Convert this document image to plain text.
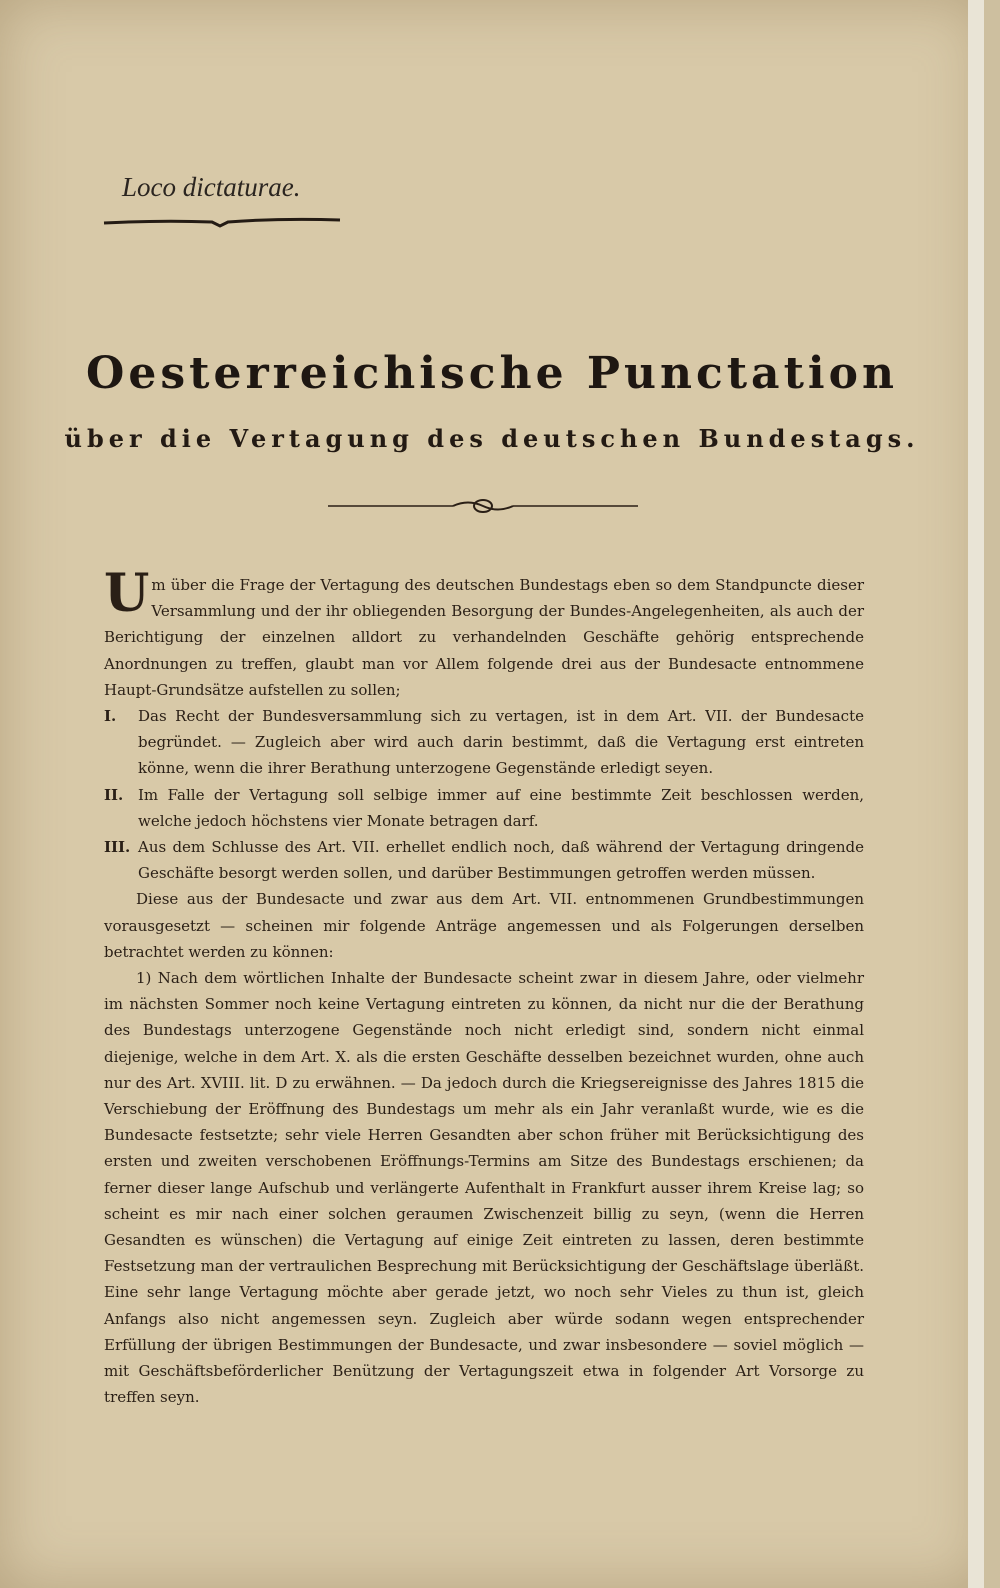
Loco dictaturae.
Oesterreichische Punctation
über die Vertagung des deutschen Bundestags.

Um über die Frage der Vertagung des deutschen Bundestags eben so dem Standpuncte dieser Versammlung und der ihr obliegenden Besorgung der Bundes-Angelegenheiten, als auch der Berichtigung der einzelnen alldort zu verhandelnden Geschäfte gehörig entsprechende Anordnungen zu treffen, glaubt man vor Allem folgende drei aus der Bundesacte entnommene Haupt-Grundsätze aufstellen zu sollen;

I.	Das Recht der Bundesversammlung sich zu vertagen, ist in dem Art. VII. der Bundesacte begründet. — Zugleich aber wird auch darin bestimmt, daß die Vertagung erst eintreten könne, wenn die ihrer Berathung unterzogene Gegenstände erledigt seyen.
II. Im Falle der Vertagung soll selbige immer auf eine bestimmte Zeit beschlossen werden, welche jedoch höchstens vier Monate betragen darf.
III. Aus dem Schlusse des Art. VII. erhellet endlich noch, daß während der Vertagung dringende Geschäfte besorgt werden sollen, und darüber Bestimmungen getroffen werden müssen.

Diese aus der Bundesacte und zwar aus dem Art. VII. entnommenen Grundbestimmungen vorausgesetzt — scheinen mir folgende Anträge angemessen und als Folgerungen derselben betrachtet werden zu können:

1) Nach dem wörtlichen Inhalte der Bundesacte scheint zwar in diesem Jahre, oder vielmehr im nächsten Sommer noch keine Vertagung eintreten zu können, da nicht nur die der Berathung des Bundestags unterzogene Gegenstände noch nicht erledigt sind, sondern nicht einmal diejenige, welche in dem Art. X. als die ersten Geschäfte desselben bezeichnet wurden, ohne auch nur des Art. XVIII. lit. D zu erwähnen. — Da jedoch durch die Kriegsereignisse des Jahres 1815 die Verschiebung der Eröffnung des Bundestags um mehr als ein Jahr veranlaßt wurde, wie es die Bundesacte festsetzte; sehr viele Herren Gesandten aber schon früher mit Berücksichtigung des ersten und zweiten verschobenen Eröffnungs-Termins am Sitze des Bundestags erschienen; da ferner dieser lange Aufschub und verlängerte Aufenthalt in Frankfurt ausser ihrem Kreise lag; so scheint es mir nach einer solchen geraumen Zwischenzeit billig zu seyn, (wenn die Herren Gesandten es wünschen) die Vertagung auf einige Zeit eintreten zu lassen, deren bestimmte Festsetzung man der vertraulichen Besprechung mit Berücksichtigung der Geschäftslage überläßt. Eine sehr lange Vertagung möchte aber gerade jetzt, wo noch sehr Vieles zu thun ist, gleich Anfangs also nicht angemessen seyn. Zugleich aber würde sodann wegen entsprechender Erfüllung der übrigen Bestimmungen der Bundesacte, und zwar insbesondere — soviel möglich — mit Geschäftsbeförderlicher Benützung der Vertagungszeit etwa in folgender Art Vorsorge zu treffen seyn.
